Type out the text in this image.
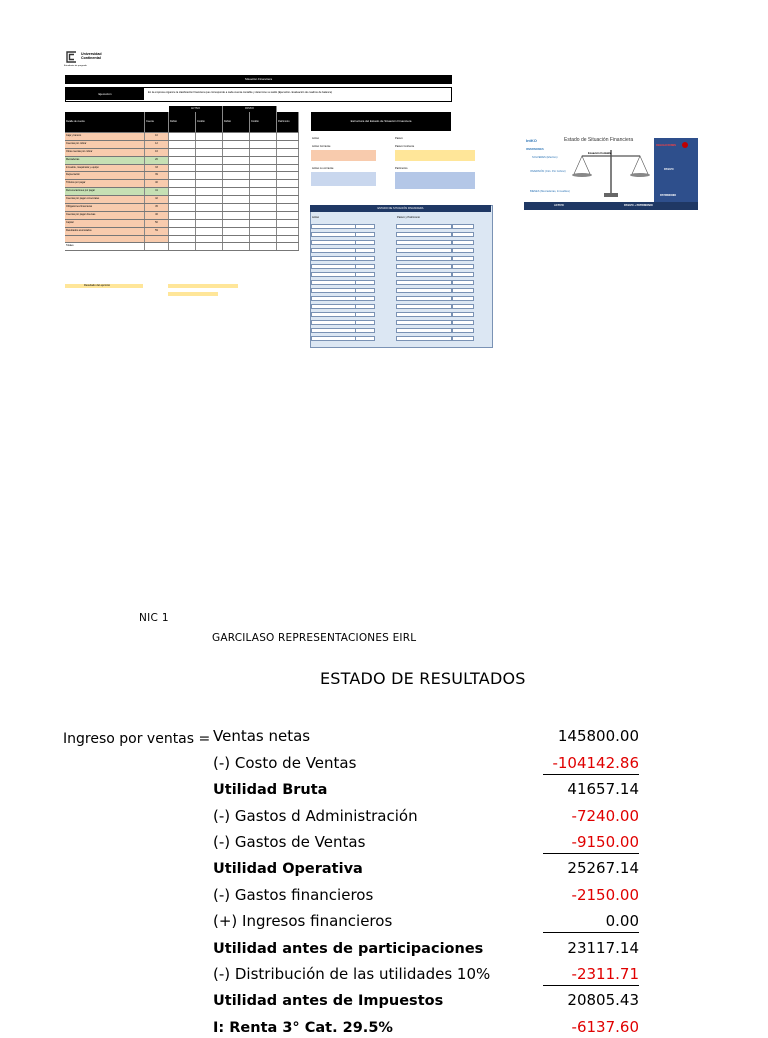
Universidad Continental
Estudiante de pregrado
Situación Financiera
Ejecución	En la empresa organice la clasificación financiera que corresponde a cada cuenta contable y determine su saldo (Ejecución- Evaluación de cuadros de balance)
ACTIVO	PASIVO
Detalle de cuenta	Cuenta	Débito	Crédito	Débito	Crédito	Patrimonio
Caja y bancos	10
Cuentas por cobrar	12
Otras cuentas por cobrar	16
Mercaderías	20
Inmueble, maquinaria y equipo	33
Depreciación	39
Tributos por pagar	40
Remuneraciones por pagar	41
Cuentas por pagar comerciales	42
Obligaciones financieras	45
Cuentas por pagar diversas	46
Capital	50
Resultados acumulados	59
Totales
Resultado del ejercicio
Estructura del Estado de Situación Financiera
Activo	Pasivo
Activo Corriente	Pasivo Corriente
Activo no corriente	Patrimonio
ESTADO DE SITUACIÓN FINANCIERA
Activo	Pasivo y Patrimonio
IntKO	Estado de Situación Financiera
INVERSIONES
SOLVERES (Efectivo)
INVERSIÓN (Ctrs. Por Cobrar)
BIENES (Mercaderías, Inmuebles)
Ecuación Contable
OBLIGACIONES
PASIVO
PATRIMONIO
ACTIVO	PASIVO + PATRIMONIO
NIC 1
GARCILASO REPRESENTACIONES EIRL
ESTADO DE RESULTADOS
Ingreso por ventas = Ventas netas	145800.00
(-) Costo de Ventas	-104142.86
Utilidad Bruta	41657.14
(-) Gastos d Administración	-7240.00
(-) Gastos de Ventas	-9150.00
Utilidad Operativa	25267.14
(-) Gastos financieros	-2150.00
(+) Ingresos financieros	0.00
Utilidad antes de participaciones	23117.14
(-) Distribución de las utilidades 10%	-2311.71
Utilidad antes de Impuestos	20805.43
I: Renta 3° Cat. 29.5%	-6137.60
